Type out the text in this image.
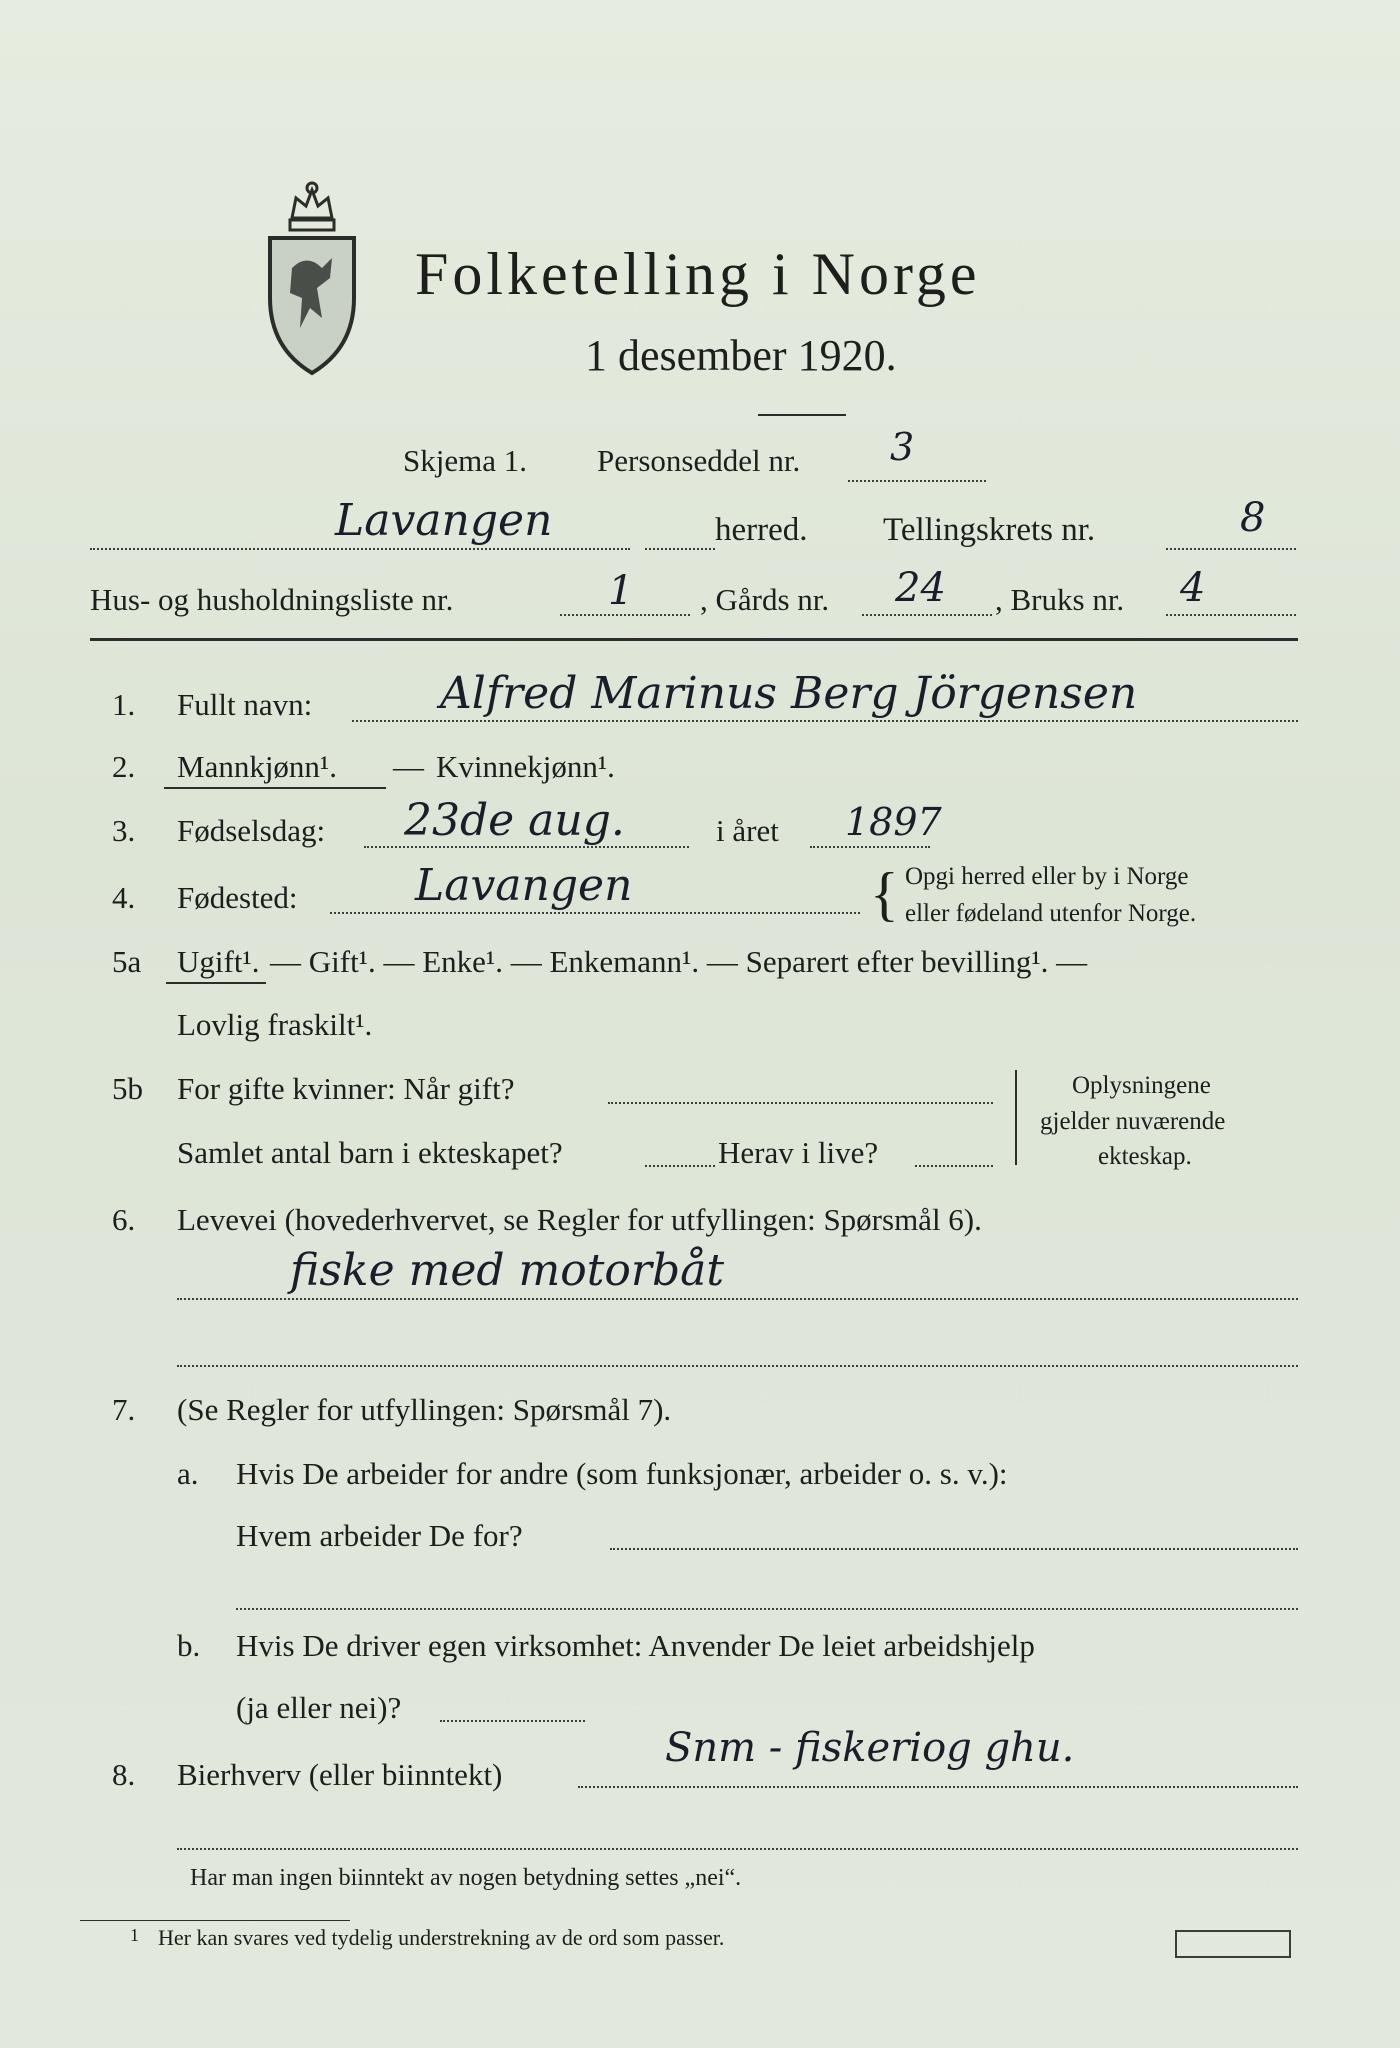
Folketelling i Norge
1 desember 1920.
Skjema 1. Personseddel nr. 3
Lavangen	herred. Tellingskrets nr.	8
Hus- og husholdningsliste nr.	1 , Gårds nr. 24 , Bruks nr. 4
1. Fullt navn:	Alfred Marinus Berg Jörgensen
2. Mannkjønn¹. — Kvinnekjønn¹.
3. Fødselsdag: 23de aug.	i året 1897
4. Fødested:	Lavangen	{ Opgi herred eller by i Norge
eller fødeland utenfor Norge.
5a Ugift¹. — Gift¹. — Enke¹. — Enkemann¹. — Separert efter bevilling¹. —
Lovlig fraskilt¹.
5b For gifte kvinner: Når gift?
Samlet antal barn i ekteskapet?	Herav i live?
Oplysningene
gjelder nuværende
ekteskap.
6. Levevei (hovederhvervet, se Regler for utfyllingen: Spørsmål 6).
fiske med motorbåt
7. (Se Regler for utfyllingen: Spørsmål 7).
a. Hvis De arbeider for andre (som funksjonær, arbeider o. s. v.):
Hvem arbeider De for?
b. Hvis De driver egen virksomhet: Anvender De leiet arbeidshjelp
(ja eller nei)?
8. Bierhverv (eller biinntekt)
Snm - fiskeriog ghu.
Har man ingen biinntekt av nogen betydning settes „nei“.
1 Her kan svares ved tydelig understrekning av de ord som passer.
